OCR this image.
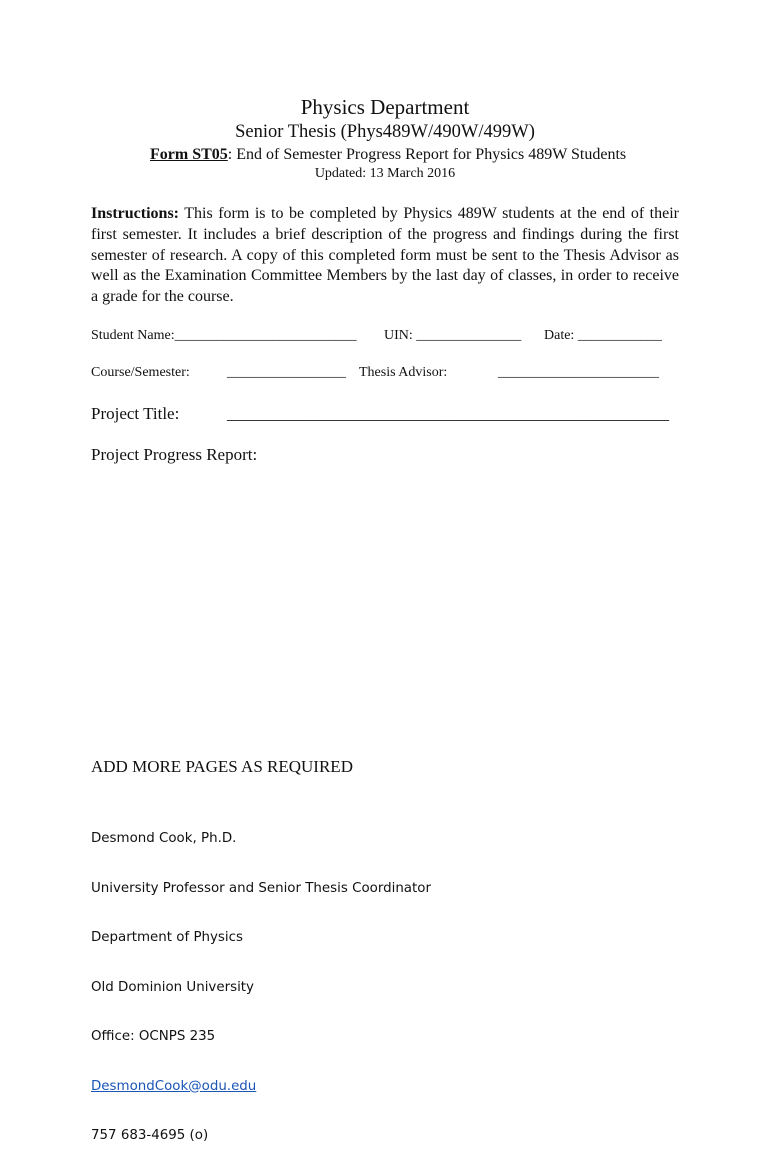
Physics Department
Senior Thesis (Phys489W/490W/499W)
Form ST05: End of Semester Progress Report for Physics 489W Students
Updated: 13 March 2016
Instructions: This form is to be completed by Physics 489W students at the end of their first semester. It includes a brief description of the progress and findings during the first semester of research. A copy of this completed form must be sent to the Thesis Advisor as well as the Examination Committee Members by the last day of classes, in order to receive a grade for the course.
Student Name:__________________________ UIN: _______________ Date: ____________
Course/Semester:	_________________ Thesis Advisor:	_______________________
Project Title:	____________________________________________________
Project Progress Report:
ADD MORE PAGES AS REQUIRED

Desmond Cook, Ph.D.

University Professor and Senior Thesis Coordinator

Department of Physics

Old Dominion University

Office: OCNPS 235

DesmondCook@odu.edu

757 683-4695 (o)
